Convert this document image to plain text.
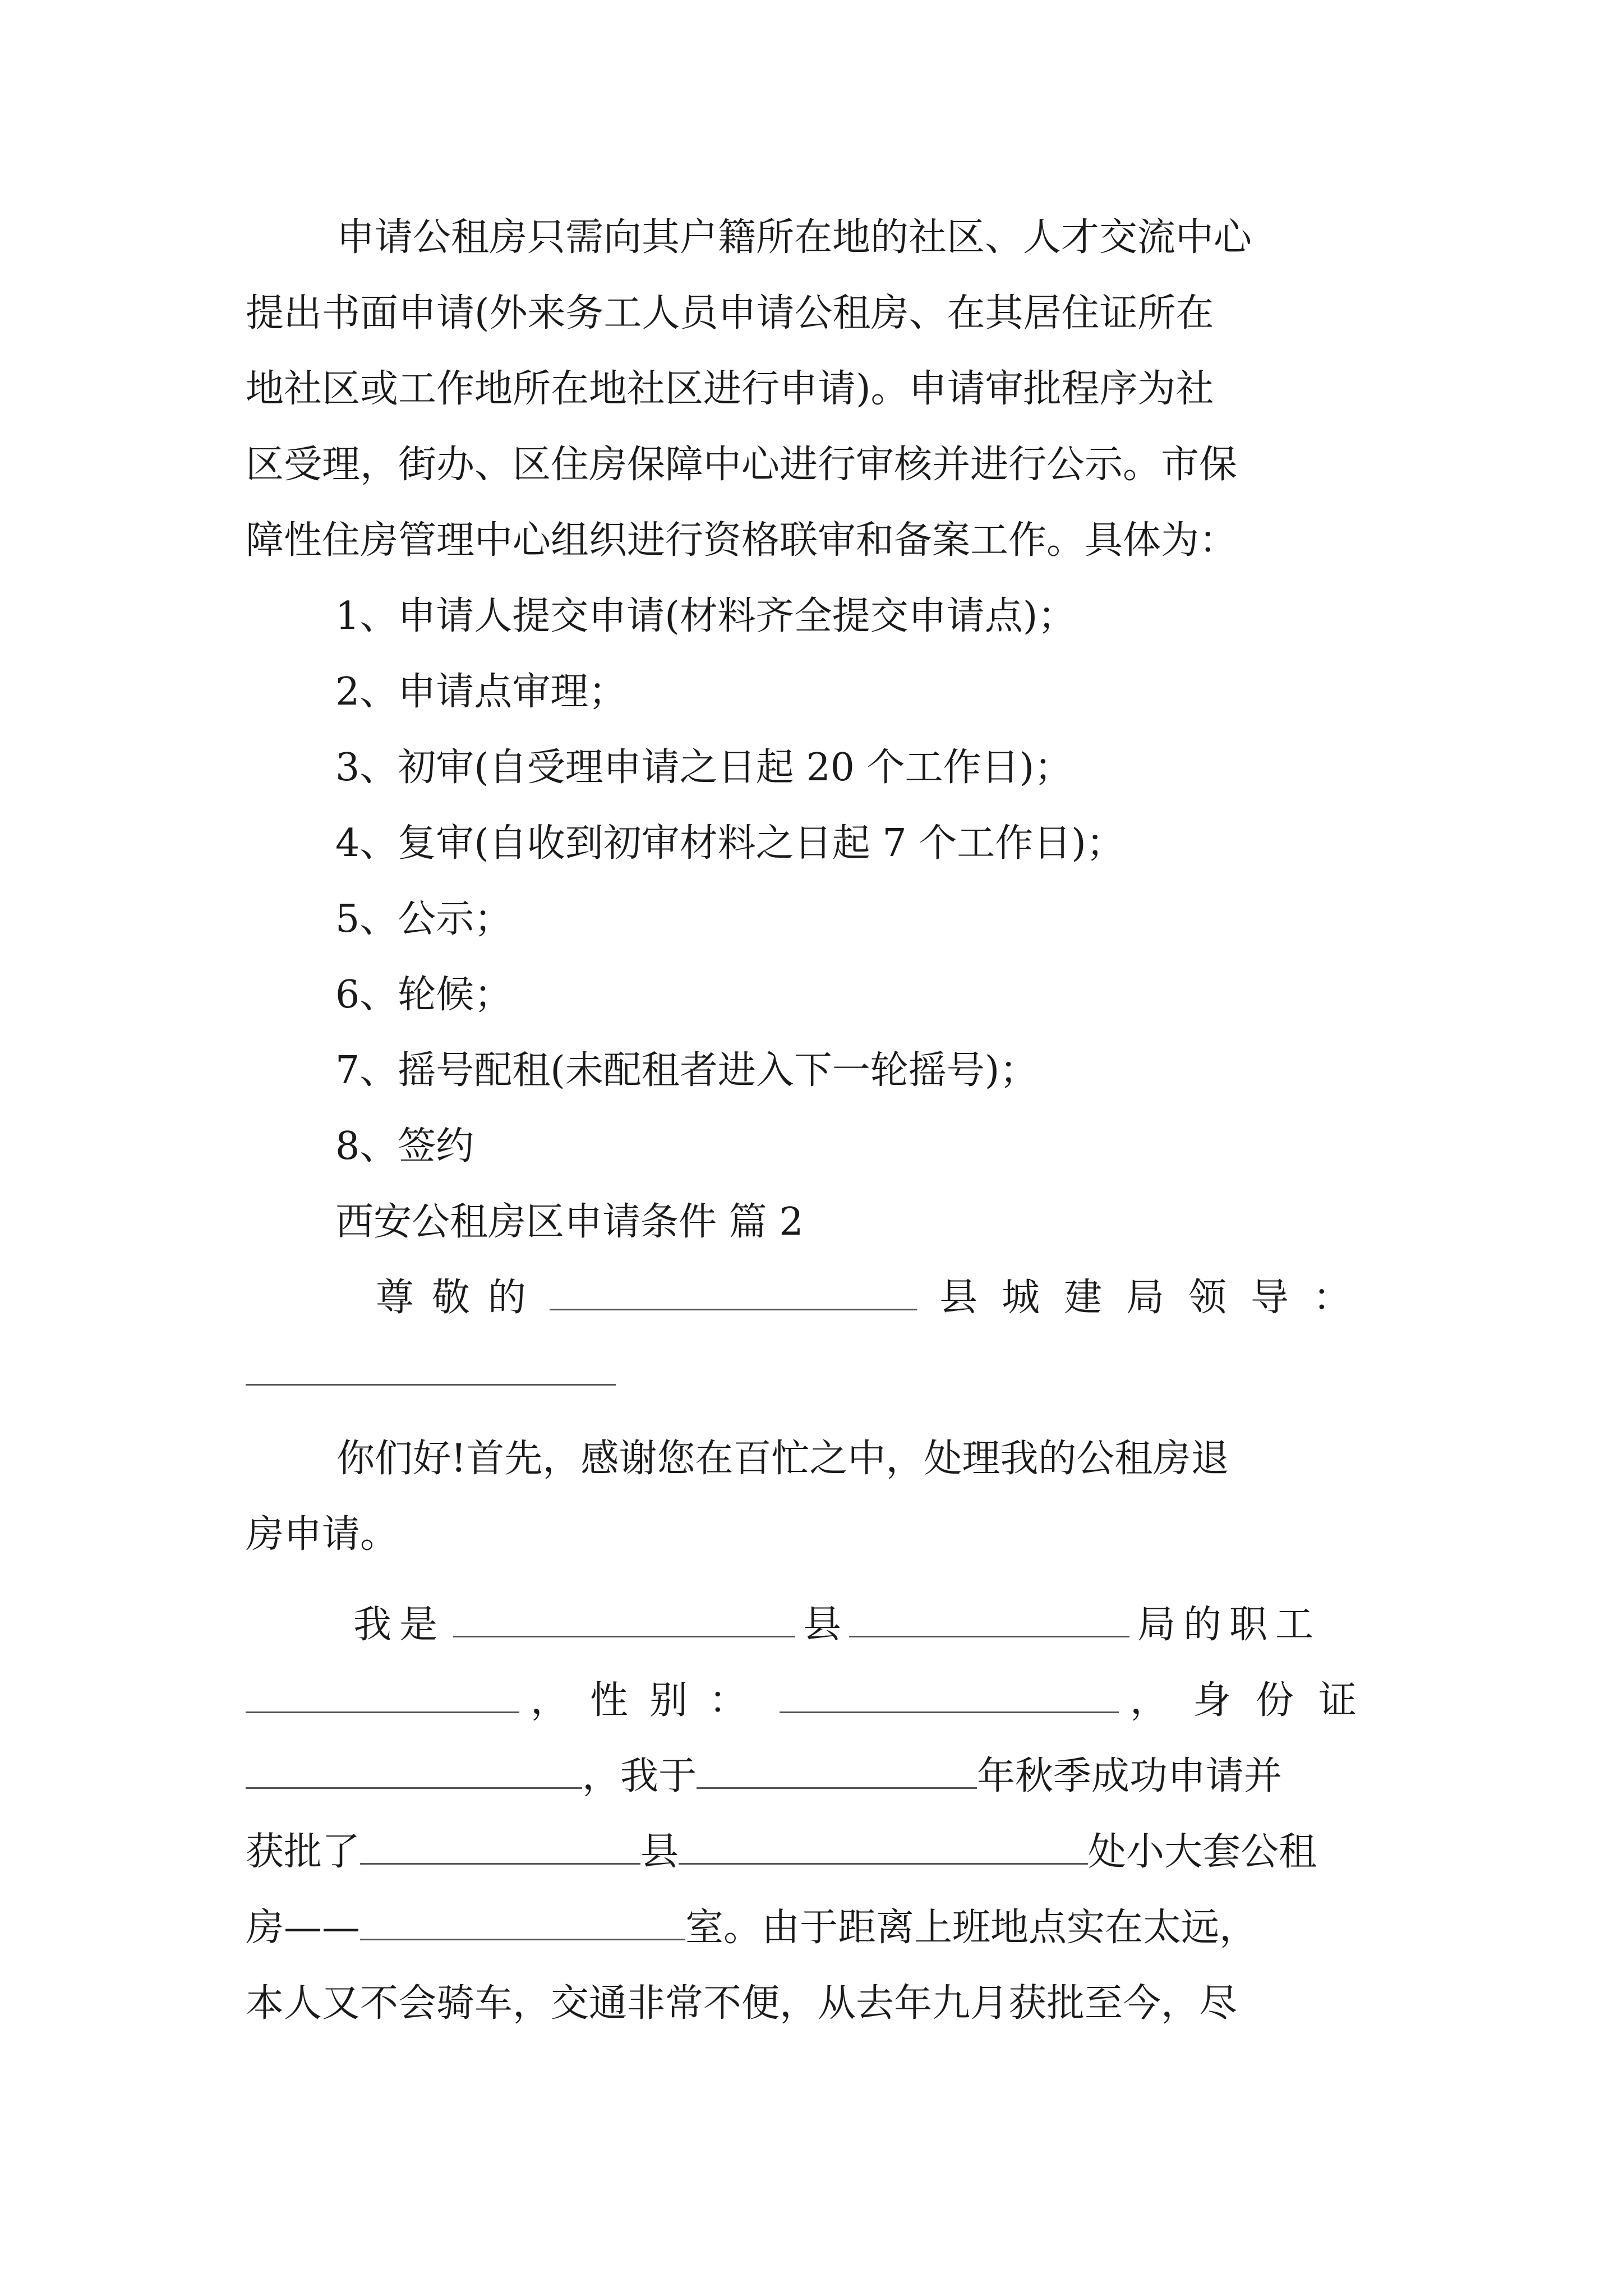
申请公租房只需向其户籍所在地的社区、人才交流中心
提出书面申请(外来务工人员申请公租房、在其居住证所在
地社区或工作地所在地社区进行申请)。申请审批程序为社
区受理，街办、区住房保障中心进行审核并进行公示。市保
障性住房管理中心组织进行资格联审和备案工作。具体为：
1、申请人提交申请(材料齐全提交申请点)；
2、申请点审理；
3、初审(自受理申请之日起 20 个工作日)；
4、复审(自收到初审材料之日起 7 个工作日)；
5、公示；
6、轮候；
7、摇号配租(未配租者进入下一轮摇号)；
8、签约
西安公租房区申请条件 篇 2
尊敬的	县城建局领导：
你们好!首先，感谢您在百忙之中，处理我的公租房退
房申请。
我是	县	局的职工
，性别：	，身份证
，我于	年秋季成功申请并
获批了	县	处小大套公租
房——	室。由于距离上班地点实在太远，
本人又不会骑车，交通非常不便，从去年九月获批至今，尽
